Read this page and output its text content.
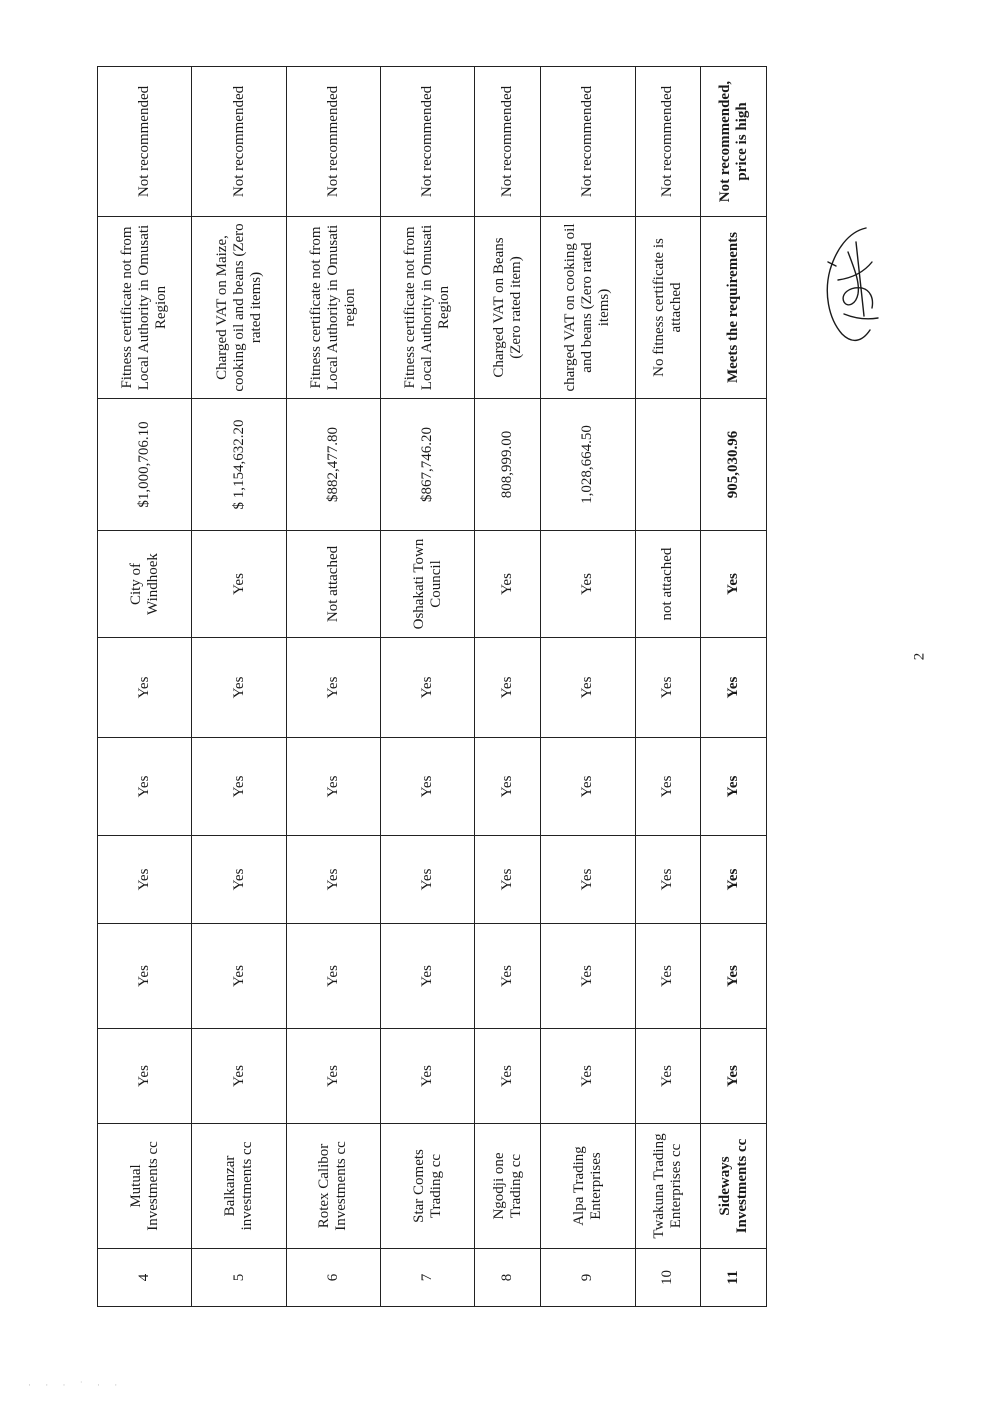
4	Mutual Investments cc	Yes	Yes	Yes	Yes	Yes	City of Windhoek	$1,000,706.10	Fitness certificate not from Local Authority in Omusati Region	Not recommended
5	Balkanzar investments cc	Yes	Yes	Yes	Yes	Yes	Yes	$ 1,154,632.20	Charged VAT on Maize, cooking oil and beans (Zero rated items)	Not recommended
6	Rotex Calibor Investments cc	Yes	Yes	Yes	Yes	Yes	Not attached	$882,477.80	Fitness certificate not from Local Authority in Omusati region	Not recommended
7	Star Comets Trading cc	Yes	Yes	Yes	Yes	Yes	Oshakati Town Council	$867,746.20	Fitness certificate not from Local Authority in Omusati Region	Not recommended
8	Ngodji one Trading cc	Yes	Yes	Yes	Yes	Yes	Yes	808,999.00	Charged VAT on Beans (Zero rated item)	Not recommended
9	Alpa Trading Enterprises	Yes	Yes	Yes	Yes	Yes	Yes	1,028,664.50	charged VAT on cooking oil and beans (Zero rated items)	Not recommended
10	Twakuna Trading Enterprises cc	Yes	Yes	Yes	Yes	Yes	not attached		No fitness certificate is attached	Not recommended
11	Sideways Investments cc	Yes	Yes	Yes	Yes	Yes	Yes	905,030.96	Meets the requirements	Not recommended, price is high
2
· · · ˙ · ·
